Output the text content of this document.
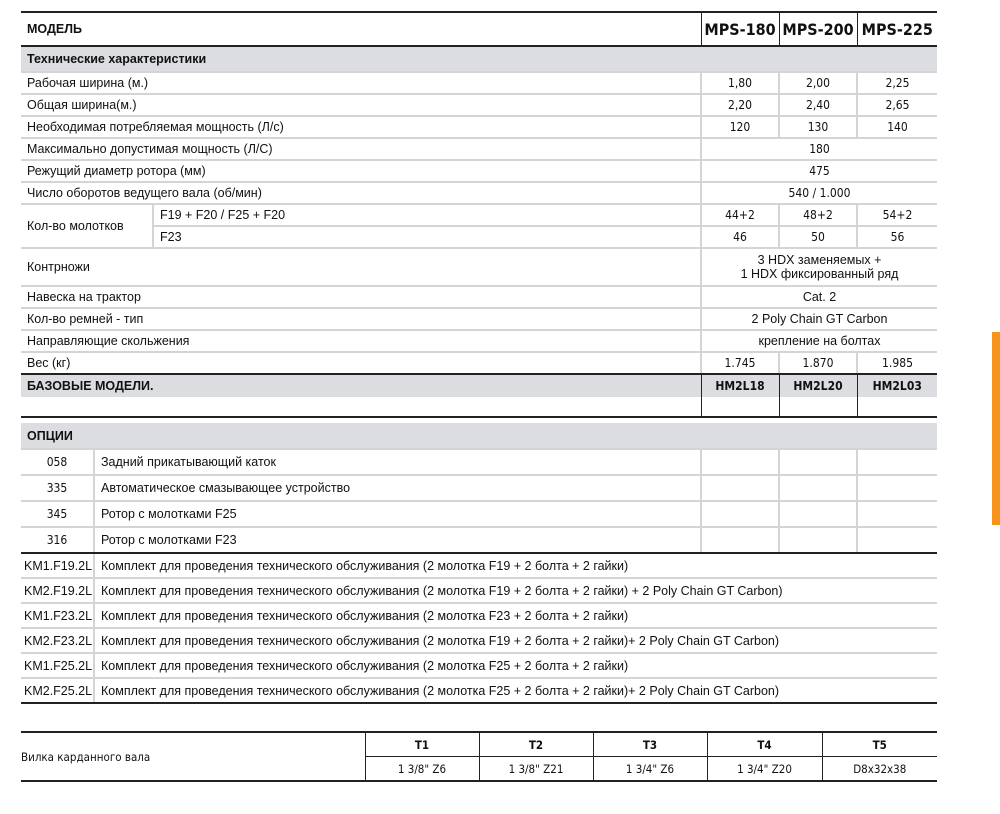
МОДЕЛЬ		MPS-180	MPS-200	MPS-225
Технические характеристики				
Рабочая ширина (м.)		1,80	2,00	2,25
Общая ширина(м.)		2,20	2,40	2,65
Необходимая потребляемая мощность (Л/с)		120	130	140
Максимально допустимая мощность (Л/С)		180		
Режущий диаметр ротора (мм)		475		
Число оборотов ведущего вала (об/мин)		540 / 1.000		
Кол-во молотков	F19 + F20 / F25 + F20	44+2	48+2	54+2
	F23	46	50	56
Контрножи		3 HDX заменяемых +
1 HDX фиксированный ряд		

Навеска на трактор		Cat. 2		
Кол-во ремней - тип		2 Poly Chain GT Carbon		
Направляющие скольжения		крепление на болтах		
Вес (кг)		1.745	1.870	1.985
БАЗОВЫЕ МОДЕЛИ.		HM2L18	HM2L20	HM2L03

ОПЦИИ				
058	Задний прикатывающий каток			
335	Автоматическое смазывающее устройство			
345	Ротор с молотками F25			
316	Ротор с молотками F23			
KM1.F19.2L	Комплект для проведения технического обслуживания (2 молотка F19 + 2 болта + 2 гайки)			
KM2.F19.2L	Комплект для проведения технического обслуживания (2 молотка F19 + 2 болта + 2 гайки) + 2 Poly Chain GT Carbon)			
KM1.F23.2L	Комплект для проведения технического обслуживания (2 молотка F23 + 2 болта + 2 гайки)			
KM2.F23.2L	Комплект для проведения технического обслуживания (2 молотка F19 + 2 болта + 2 гайки)+ 2 Poly Chain GT Carbon)			
KM1.F25.2L	Комплект для проведения технического обслуживания (2 молотка F25 + 2 болта + 2 гайки)			
KM2.F25.2L	Комплект для проведения технического обслуживания (2 молотка F25 + 2 болта + 2 гайки)+ 2 Poly Chain GT Carbon)			
Вилка карданного вала	T1	T2	T3	T4	T5
	1 3/8" Z6	1 3/8" Z21	1 3/4" Z6	1 3/4" Z20	D8x32x38
